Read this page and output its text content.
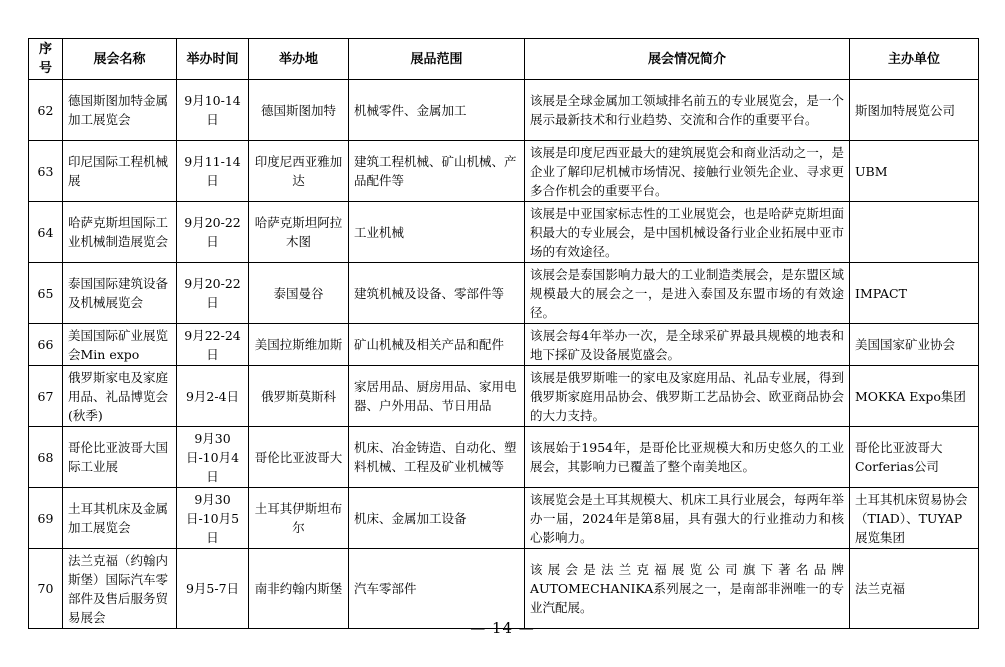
序号	展会名称	举办时间	举办地	展品范围	展会情况简介	主办单位
62	德国斯图加特金属加工展览会	9月10-14日	德国斯图加特	机械零件、金属加工	该展是全球金属加工领域排名前五的专业展览会，是一个展示最新技术和行业趋势、交流和合作的重要平台。	斯图加特展览公司
63	印尼国际工程机械展	9月11-14日	印度尼西亚雅加达	建筑工程机械、矿山机械、产品配件等	该展是印度尼西亚最大的建筑展览会和商业活动之一，是企业了解印尼机械市场情况、接触行业领先企业、寻求更多合作机会的重要平台。	UBM
64	哈萨克斯坦国际工业机械制造展览会	9月20-22日	哈萨克斯坦阿拉木图	工业机械	该展是中亚国家标志性的工业展览会，也是哈萨克斯坦面积最大的专业展会，是中国机械设备行业企业拓展中亚市场的有效途径。	
65	泰国国际建筑设备及机械展览会	9月20-22日	泰国曼谷	建筑机械及设备、零部件等	该展会是泰国影响力最大的工业制造类展会，是东盟区域规模最大的展会之一，是进入泰国及东盟市场的有效途径。	IMPACT
66	美国国际矿业展览会Min expo	9月22-24日	美国拉斯维加斯	矿山机械及相关产品和配件	该展会每4年举办一次，是全球采矿界最具规模的地表和地下採矿及设备展览盛会。	美国国家矿业协会
67	俄罗斯家电及家庭用品、礼品博览会(秋季)	9月2-4日	俄罗斯莫斯科	家居用品、厨房用品、家用电器、户外用品、节日用品	该展是俄罗斯唯一的家电及家庭用品、礼品专业展，得到俄罗斯家庭用品协会、俄罗斯工艺品协会、欧亚商品协会的大力支持。	MOKKA Expo集团
68	哥伦比亚波哥大国际工业展	9月30日-10月4日	哥伦比亚波哥大	机床、冶金铸造、自动化、塑料机械、工程及矿业机械等	该展始于1954年，是哥伦比亚规模大和历史悠久的工业展会，其影响力已覆盖了整个南美地区。	哥伦比亚波哥大Corferias公司
69	土耳其机床及金属加工展览会	9月30日-10月5日	土耳其伊斯坦布尔	机床、金属加工设备	该展览会是土耳其规模大、机床工具行业展会，每两年举办一届，2024年是第8届，具有强大的行业推动力和核心影响力。	土耳其机床贸易协会（TIAD）、TUYAP展览集团
70	法兰克福（约翰内斯堡）国际汽车零部件及售后服务贸易展会	9月5-7日	南非约翰内斯堡	汽车零部件	该展会是法兰克福展览公司旗下著名品牌AUTOMECHANIKA系列展之一，是南部非洲唯一的专业汽配展。	法兰克福
— 14 —
